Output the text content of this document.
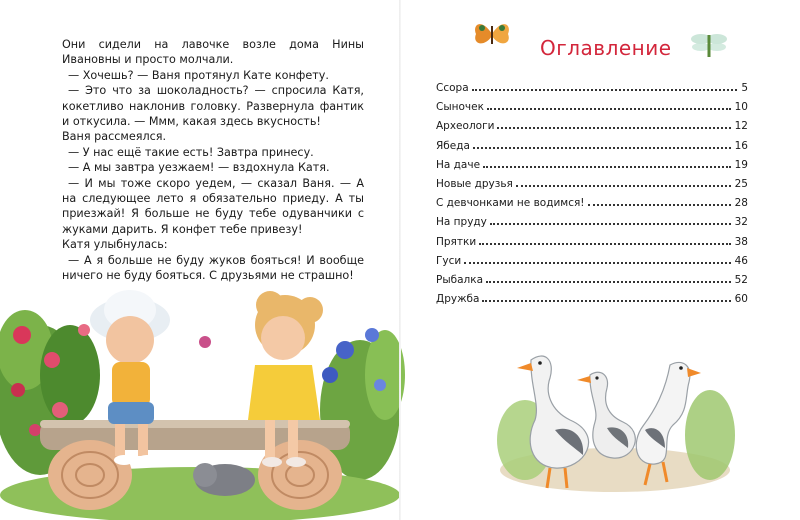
Они сидели на лавочке возле дома Нины Ивановны и просто молчали.

— Хочешь? — Ваня протянул Кате конфету.

— Это что за шоколадность? — спросила Катя, кокетливо наклонив головку. Развернула фантик и откусила. — Ммм, какая здесь вкусность!

Ваня рассмеялся.

— У нас ещё такие есть! Завтра принесу.

— А мы завтра уезжаем! — вздохнула Катя.

— И мы тоже скоро уедем, — сказал Ваня. — А на следующее лето я обязательно приеду. А ты приезжай! Я больше не буду тебе одуванчики с жуками дарить. Я конфет тебе привезу!

Катя улыбнулась:

— А я больше не буду жуков бояться! И вообще ничего не буду бояться. С друзьями не страшно!

Оглавление
Ссора	5
Сыночек	10
Археологи	12
Ябеда	16
На даче	19
Новые друзья	25
С девчонками не водимся!	28
На пруду	32
Прятки	38
Гуси	46
Рыбалка	52
Дружба	60
